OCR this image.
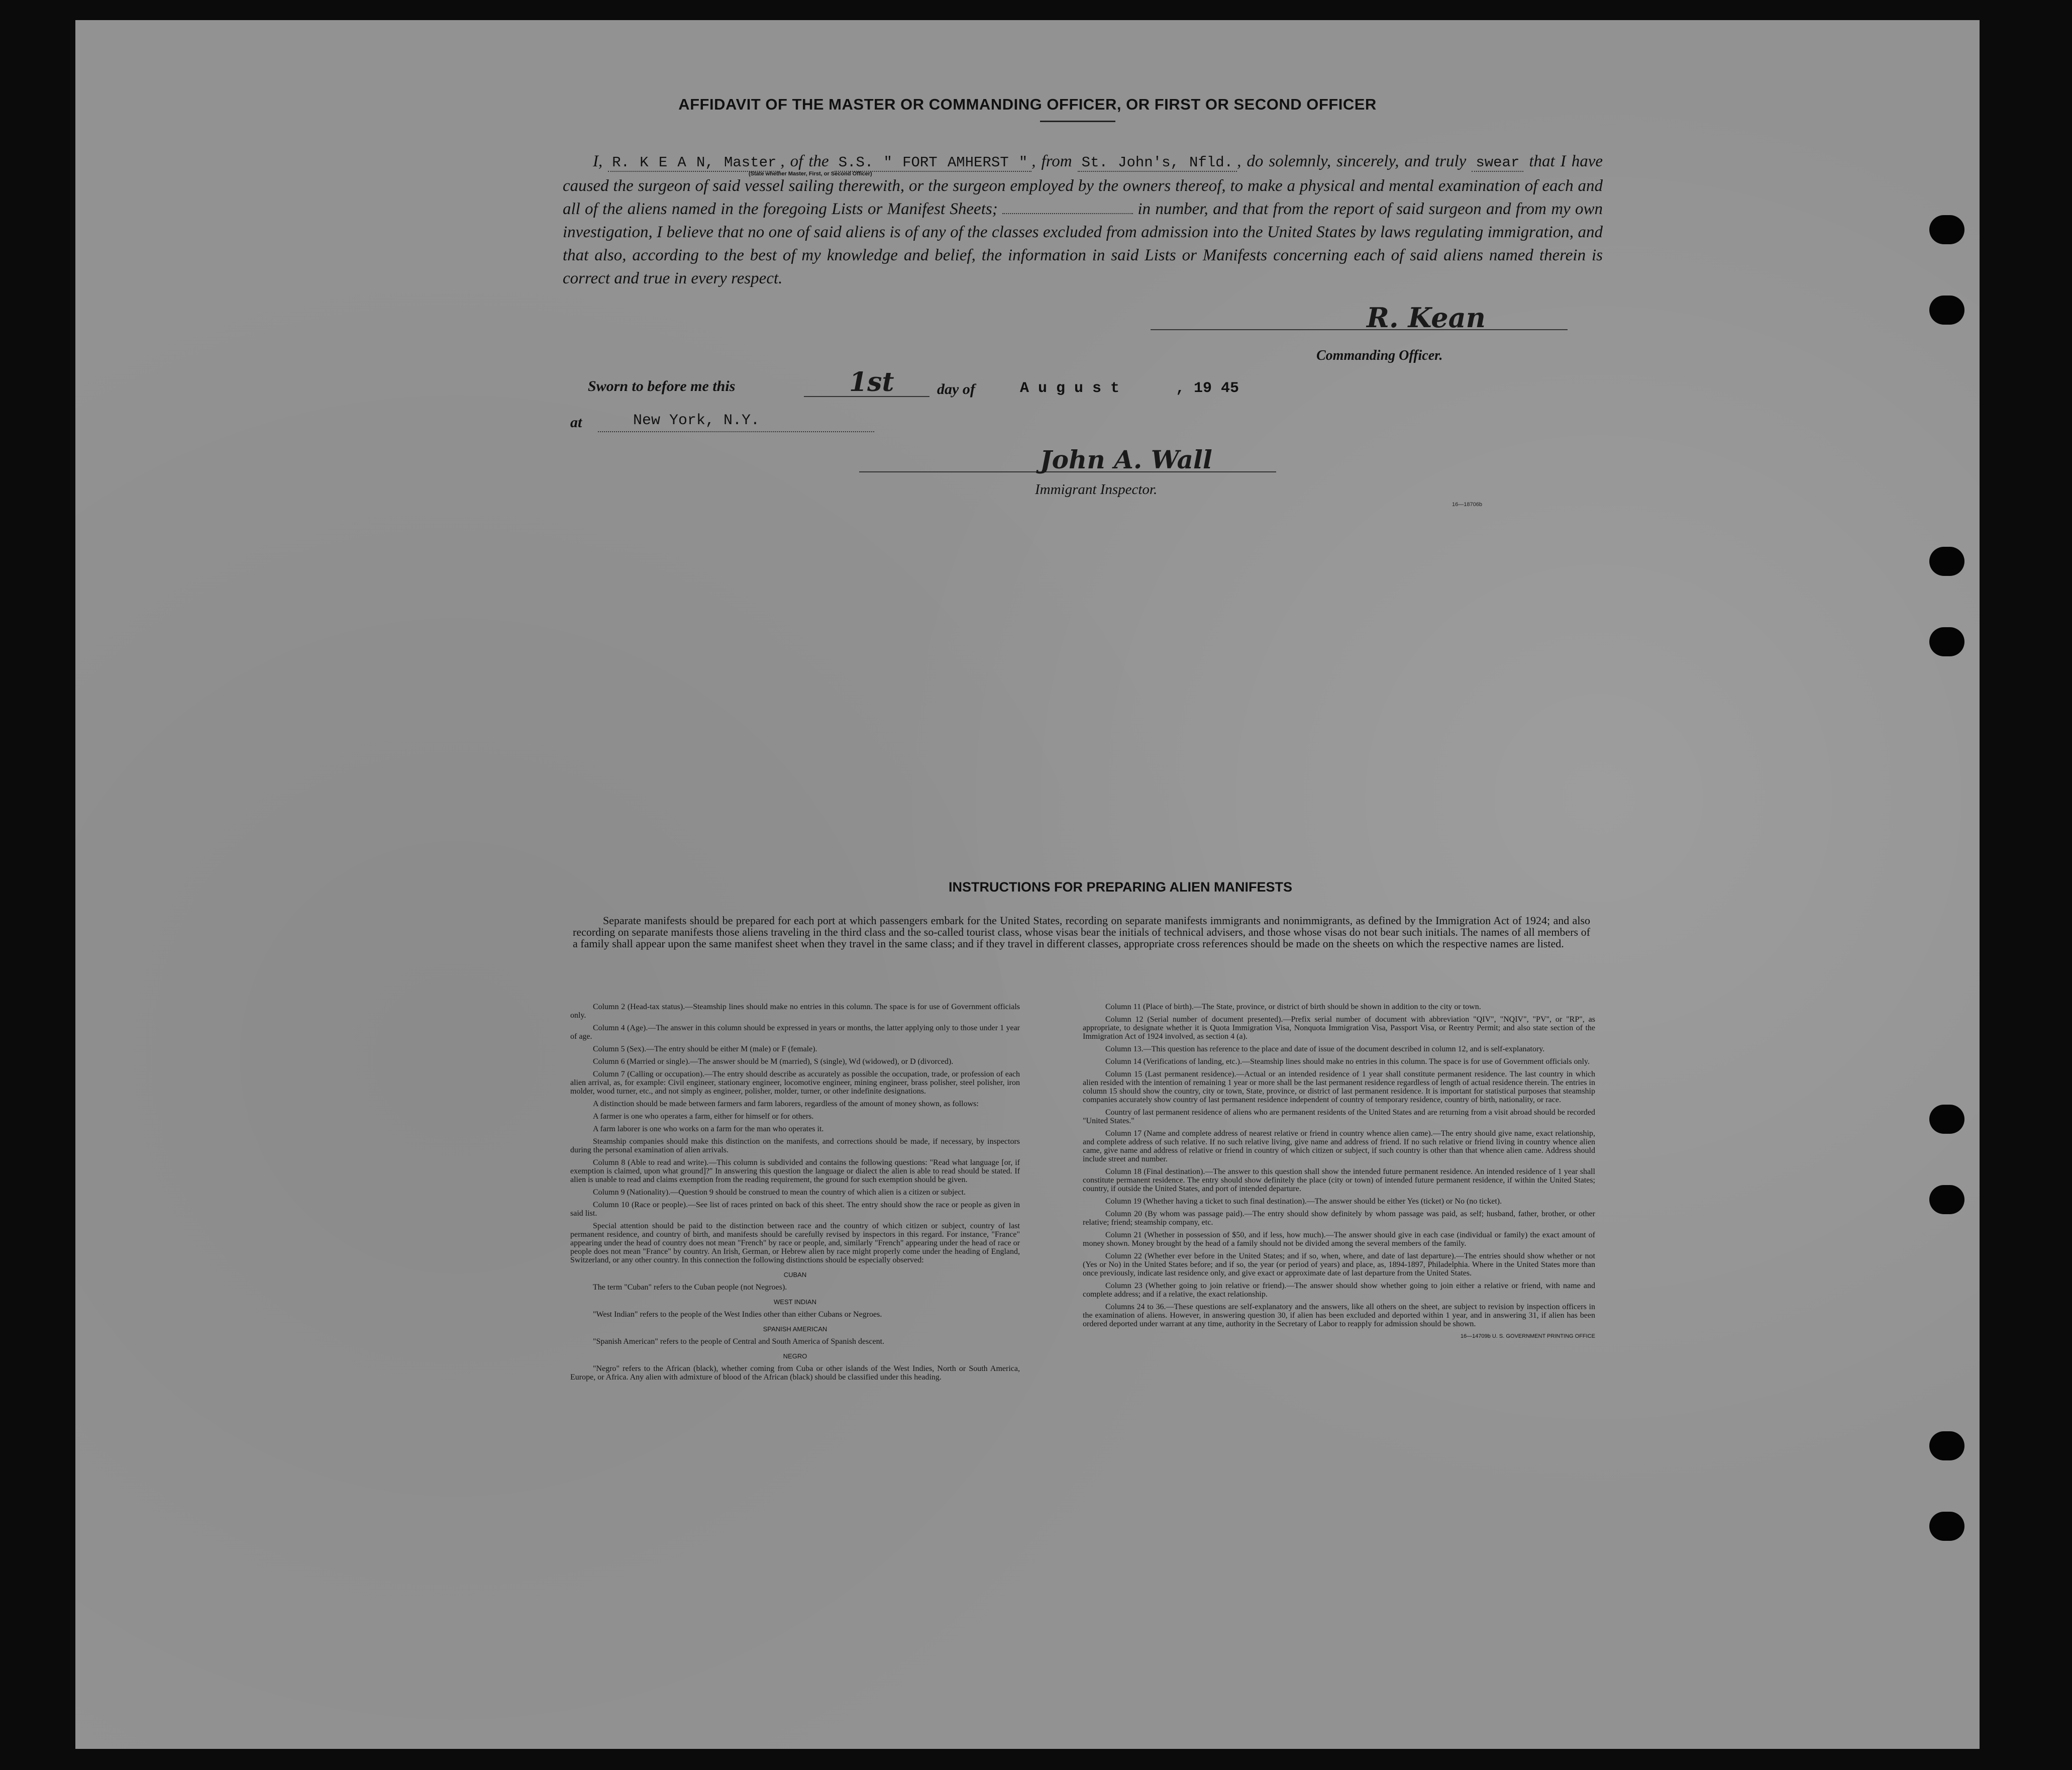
AFFIDAVIT OF THE MASTER OR COMMANDING OFFICER, OR FIRST OR SECOND OFFICER
I, R. K E A N, Master , of the S.S. " FORT AMHERST " , from St. John's, Nfld. , do solemnly, sincerely, and truly swear that I have caused the surgeon of said vessel sailing therewith, or the surgeon employed by the owners thereof, to make a physical and mental examination of each and all of the aliens named in the foregoing Lists or Manifest Sheets;	in number, and that from the report of said surgeon and from my own investigation, I believe that no one of said aliens is of any of the classes excluded from admission into the United States by laws regulating immigration, and that also, according to the best of my knowledge and belief, the information in said Lists or Manifests concerning each of said aliens named therein is correct and true in every respect.
(State whether Master, First, or Second Officer)
R. Kean
Commanding Officer.
Sworn to before me this	1st	day of	A u g u s t	, 19 45
at	New York, N.Y.
John A. Wall
Immigrant Inspector.
16—18706b
INSTRUCTIONS FOR PREPARING ALIEN MANIFESTS
Separate manifests should be prepared for each port at which passengers embark for the United States, recording on separate manifests immigrants and nonimmigrants, as defined by the Immigration Act of 1924; and also recording on separate manifests those aliens traveling in the third class and the so-called tourist class, whose visas bear the initials of technical advisers, and those whose visas do not bear such initials. The names of all members of a family shall appear upon the same manifest sheet when they travel in the same class; and if they travel in different classes, appropriate cross references should be made on the sheets on which the respective names are listed.

Column 2 (Head-tax status).—Steamship lines should make no entries in this column. The space is for use of Government officials only.

Column 4 (Age).—The answer in this column should be expressed in years or months, the latter applying only to those under 1 year of age.

Column 5 (Sex).—The entry should be either M (male) or F (female).

Column 6 (Married or single).—The answer should be M (married), S (single), Wd (widowed), or D (divorced).

Column 7 (Calling or occupation).—The entry should describe as accurately as possible the occupation, trade, or profession of each alien arrival, as, for example: Civil engineer, stationary engineer, locomotive engineer, mining engineer, brass polisher, steel polisher, iron molder, wood turner, etc., and not simply as engineer, polisher, molder, turner, or other indefinite designations.

A distinction should be made between farmers and farm laborers, regardless of the amount of money shown, as follows:

A farmer is one who operates a farm, either for himself or for others.

A farm laborer is one who works on a farm for the man who operates it.

Steamship companies should make this distinction on the manifests, and corrections should be made, if necessary, by inspectors during the personal examination of alien arrivals.

Column 8 (Able to read and write).—This column is subdivided and contains the following questions: "Read what language [or, if exemption is claimed, upon what ground]?" In answering this question the language or dialect the alien is able to read should be stated. If alien is unable to read and claims exemption from the reading requirement, the ground for such exemption should be given.

Column 9 (Nationality).—Question 9 should be construed to mean the country of which alien is a citizen or subject.

Column 10 (Race or people).—See list of races printed on back of this sheet. The entry should show the race or people as given in said list.

Special attention should be paid to the distinction between race and the country of which citizen or subject, country of last permanent residence, and country of birth, and manifests should be carefully revised by inspectors in this regard. For instance, "France" appearing under the head of country does not mean "French" by race or people, and, similarly "French" appearing under the head of race or people does not mean "France" by country. An Irish, German, or Hebrew alien by race might properly come under the heading of England, Switzerland, or any other country. In this connection the following distinctions should be especially observed:

CUBAN

The term "Cuban" refers to the Cuban people (not Negroes).

WEST INDIAN

"West Indian" refers to the people of the West Indies other than either Cubans or Negroes.

SPANISH AMERICAN

"Spanish American" refers to the people of Central and South America of Spanish descent.

NEGRO

"Negro" refers to the African (black), whether coming from Cuba or other islands of the West Indies, North or South America, Europe, or Africa. Any alien with admixture of blood of the African (black) should be classified under this heading.

Column 11 (Place of birth).—The State, province, or district of birth should be shown in addition to the city or town.

Column 12 (Serial number of document presented).—Prefix serial number of document with abbreviation "QIV", "NQIV", "PV", or "RP", as appropriate, to designate whether it is Quota Immigration Visa, Nonquota Immigration Visa, Passport Visa, or Reentry Permit; and also state section of the Immigration Act of 1924 involved, as section 4 (a).

Column 13.—This question has reference to the place and date of issue of the document described in column 12, and is self-explanatory.

Column 14 (Verifications of landing, etc.).—Steamship lines should make no entries in this column. The space is for use of Government officials only.

Column 15 (Last permanent residence).—Actual or an intended residence of 1 year shall constitute permanent residence. The last country in which alien resided with the intention of remaining 1 year or more shall be the last permanent residence regardless of length of actual residence therein. The entries in column 15 should show the country, city or town, State, province, or district of last permanent residence. It is important for statistical purposes that steamship companies accurately show country of last permanent residence independent of country of temporary residence, country of birth, nationality, or race.

Country of last permanent residence of aliens who are permanent residents of the United States and are returning from a visit abroad should be recorded "United States."

Column 17 (Name and complete address of nearest relative or friend in country whence alien came).—The entry should give name, exact relationship, and complete address of such relative. If no such relative living, give name and address of friend. If no such relative or friend living in country whence alien came, give name and address of relative or friend in country of which citizen or subject, if such country is other than that whence alien came. Address should include street and number.

Column 18 (Final destination).—The answer to this question shall show the intended future permanent residence. An intended residence of 1 year shall constitute permanent residence. The entry should show definitely the place (city or town) of intended future permanent residence, if within the United States; country, if outside the United States, and port of intended departure.

Column 19 (Whether having a ticket to such final destination).—The answer should be either Yes (ticket) or No (no ticket).

Column 20 (By whom was passage paid).—The entry should show definitely by whom passage was paid, as self; husband, father, brother, or other relative; friend; steamship company, etc.

Column 21 (Whether in possession of $50, and if less, how much).—The answer should give in each case (individual or family) the exact amount of money shown. Money brought by the head of a family should not be divided among the several members of the family.

Column 22 (Whether ever before in the United States; and if so, when, where, and date of last departure).—The entries should show whether or not (Yes or No) in the United States before; and if so, the year (or period of years) and place, as, 1894-1897, Philadelphia. Where in the United States more than once previously, indicate last residence only, and give exact or approximate date of last departure from the United States.

Column 23 (Whether going to join relative or friend).—The answer should show whether going to join either a relative or friend, with name and complete address; and if a relative, the exact relationship.

Columns 24 to 36.—These questions are self-explanatory and the answers, like all others on the sheet, are subject to revision by inspection officers in the examination of aliens. However, in answering question 30, if alien has been excluded and deported within 1 year, and in answering 31, if alien has been ordered deported under warrant at any time, authority in the Secretary of Labor to reapply for admission should be shown.

16—14709b U. S. GOVERNMENT PRINTING OFFICE
